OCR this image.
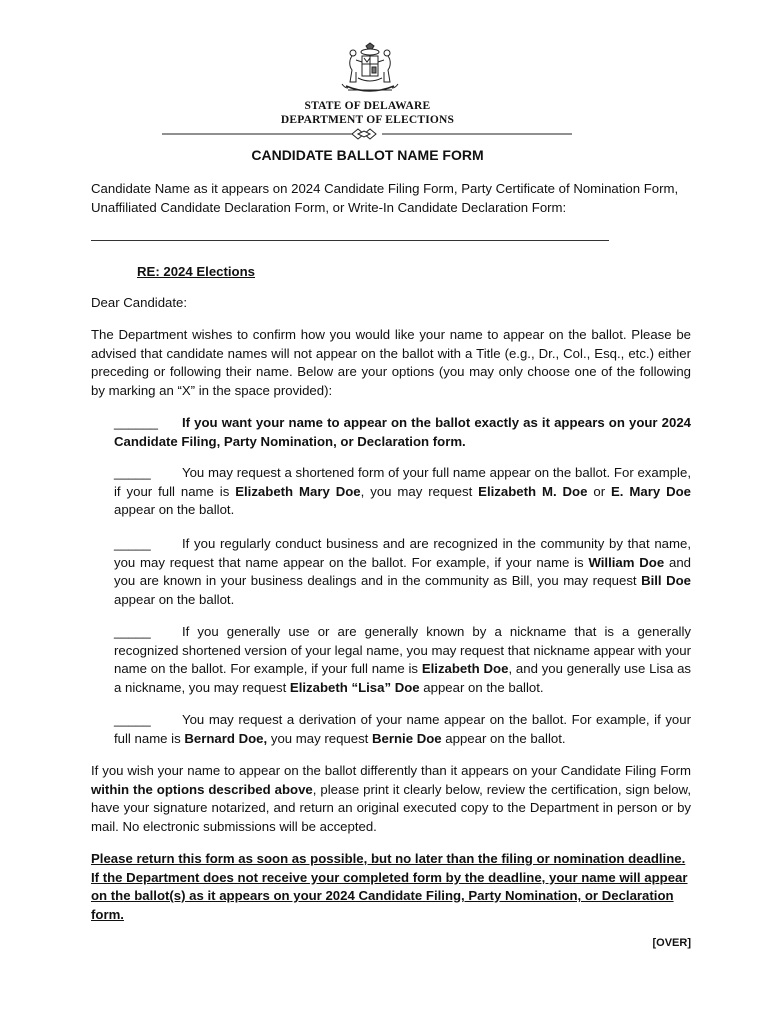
STATE OF DELAWARE
DEPARTMENT OF ELECTIONS
CANDIDATE BALLOT NAME FORM
Candidate Name as it appears on 2024 Candidate Filing Form, Party Certificate of Nomination Form, Unaffiliated Candidate Declaration Form, or Write-In Candidate Declaration Form:
RE: 2024 Elections
Dear Candidate:
The Department wishes to confirm how you would like your name to appear on the ballot. Please be advised that candidate names will not appear on the ballot with a Title (e.g., Dr., Col., Esq., etc.) either preceding or following their name. Below are your options (you may only choose one of the following by marking an “X” in the space provided):
______ If you want your name to appear on the ballot exactly as it appears on your 2024 Candidate Filing, Party Nomination, or Declaration form.
_____ You may request a shortened form of your full name appear on the ballot. For example, if your full name is Elizabeth Mary Doe, you may request Elizabeth M. Doe or E. Mary Doe appear on the ballot.
_____ If you regularly conduct business and are recognized in the community by that name, you may request that name appear on the ballot. For example, if your name is William Doe and you are known in your business dealings and in the community as Bill, you may request Bill Doe appear on the ballot.
_____ If you generally use or are generally known by a nickname that is a generally recognized shortened version of your legal name, you may request that nickname appear with your name on the ballot. For example, if your full name is Elizabeth Doe, and you generally use Lisa as a nickname, you may request Elizabeth “Lisa” Doe appear on the ballot.
_____ You may request a derivation of your name appear on the ballot. For example, if your full name is Bernard Doe, you may request Bernie Doe appear on the ballot.
If you wish your name to appear on the ballot differently than it appears on your Candidate Filing Form within the options described above, please print it clearly below, review the certification, sign below, have your signature notarized, and return an original executed copy to the Department in person or by mail. No electronic submissions will be accepted.
Please return this form as soon as possible, but no later than the filing or nomination deadline. If the Department does not receive your completed form by the deadline, your name will appear on the ballot(s) as it appears on your 2024 Candidate Filing, Party Nomination, or Declaration form.
[OVER]
